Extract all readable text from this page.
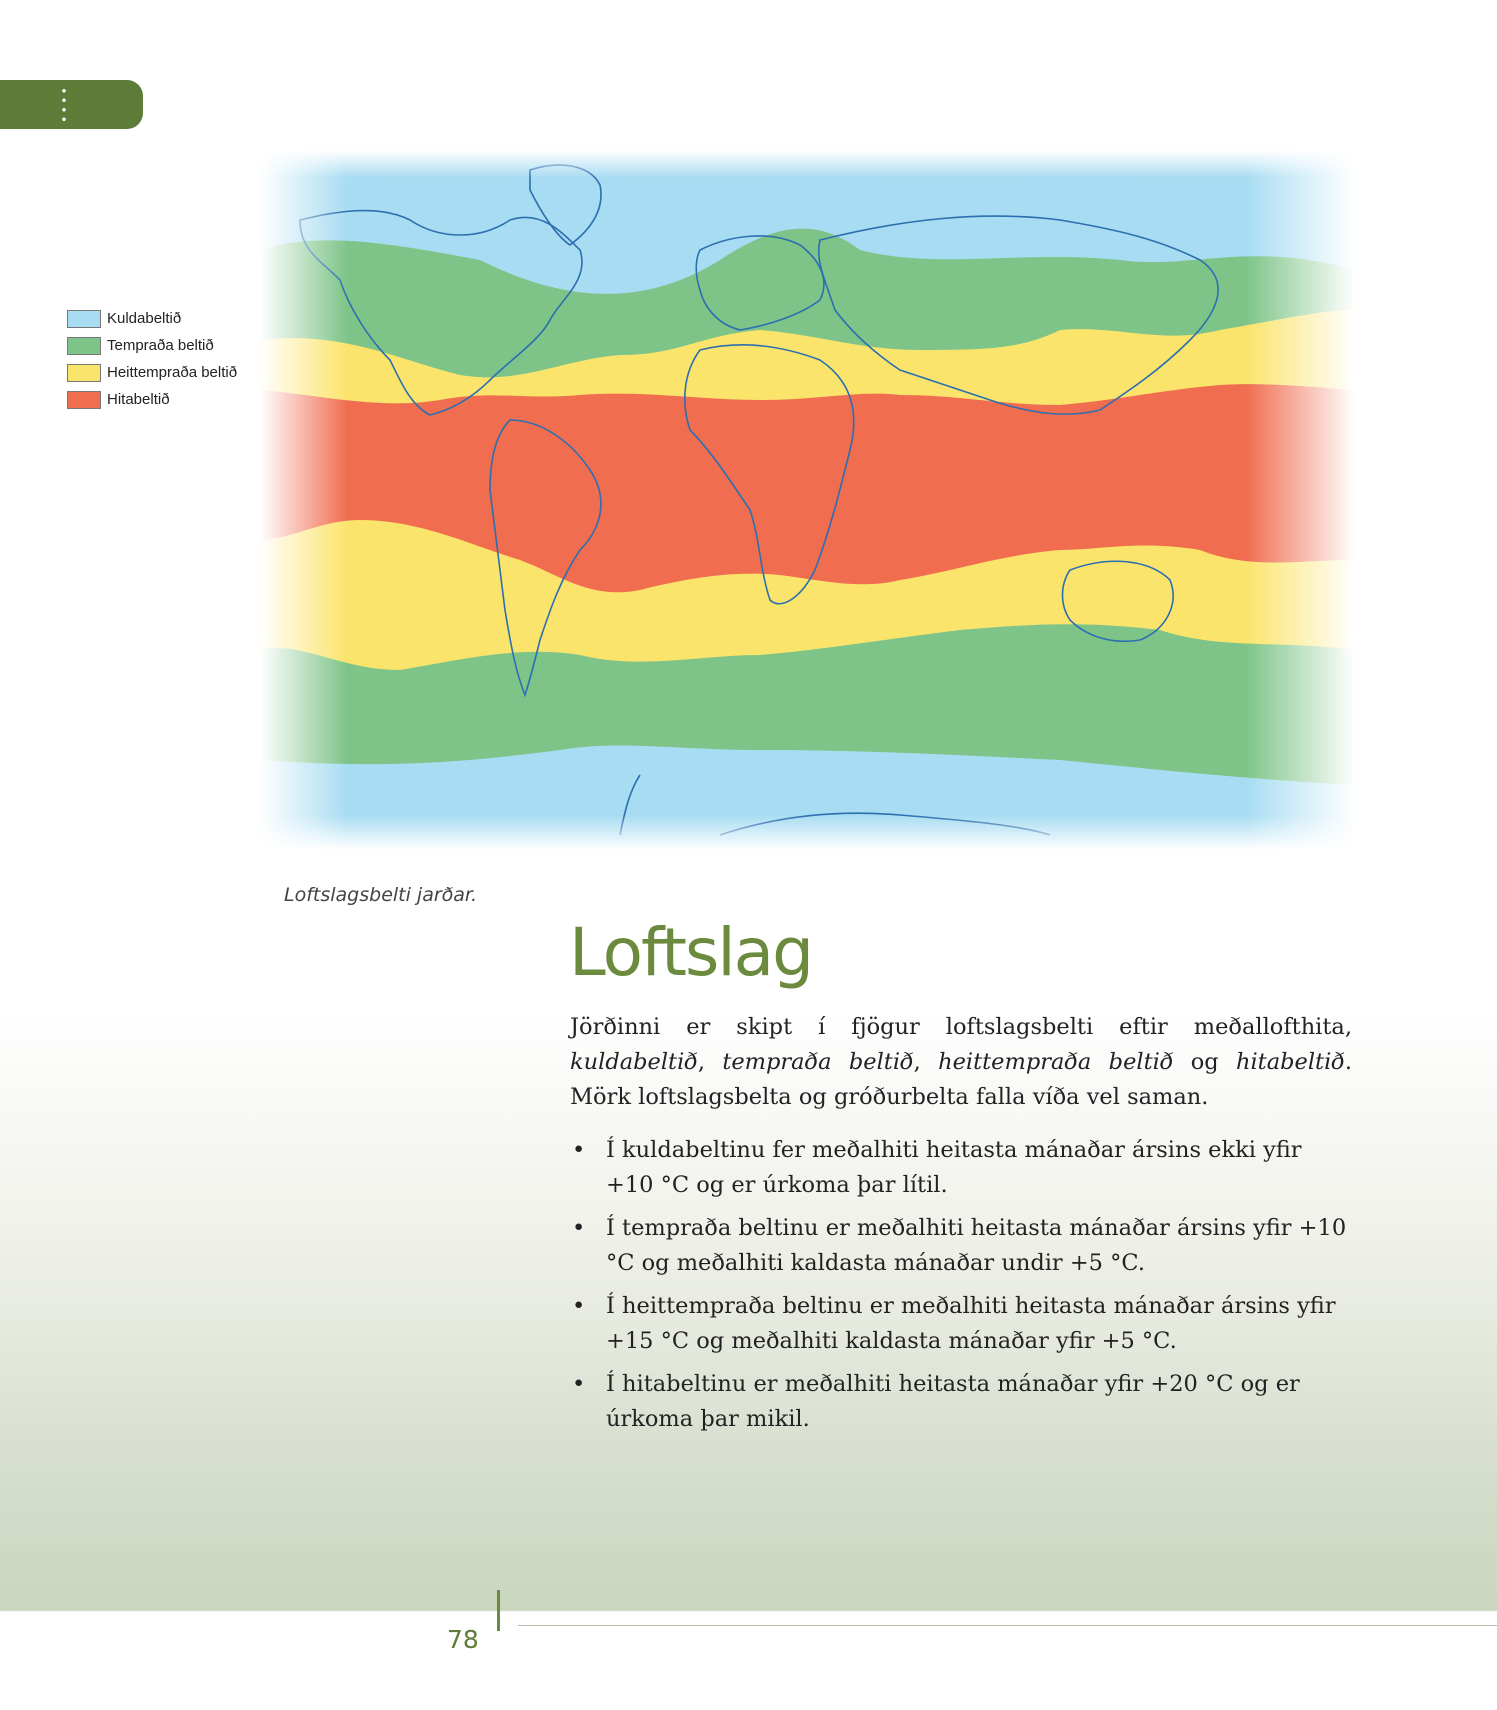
Kuldabeltið
Tempraða beltið
Heittempraða beltið
Hitabeltið
Loftslagsbelti jarðar.
Loftslag
Jörðinni er skipt í fjögur loftslagsbelti eftir meðallofthita, kuldabeltið, tempraða beltið, heittempraða beltið og hitabeltið. Mörk loftslagsbelta og gróðurbelta falla víða vel saman.
• Í kuldabeltinu fer meðalhiti heitasta mánaðar ársins ekki yfir +10 °C og er úrkoma þar lítil.
• Í tempraða beltinu er meðalhiti heitasta mánaðar ársins yfir +10 °C og meðalhiti kaldasta mánaðar undir +5 °C.
• Í heittempraða beltinu er meðalhiti heitasta mánaðar ársins yfir +15 °C og meðalhiti kaldasta mánaðar yfir +5 °C.
• Í hitabeltinu er meðalhiti heitasta mánaðar yfir +20 °C og er úrkoma þar mikil.
78
